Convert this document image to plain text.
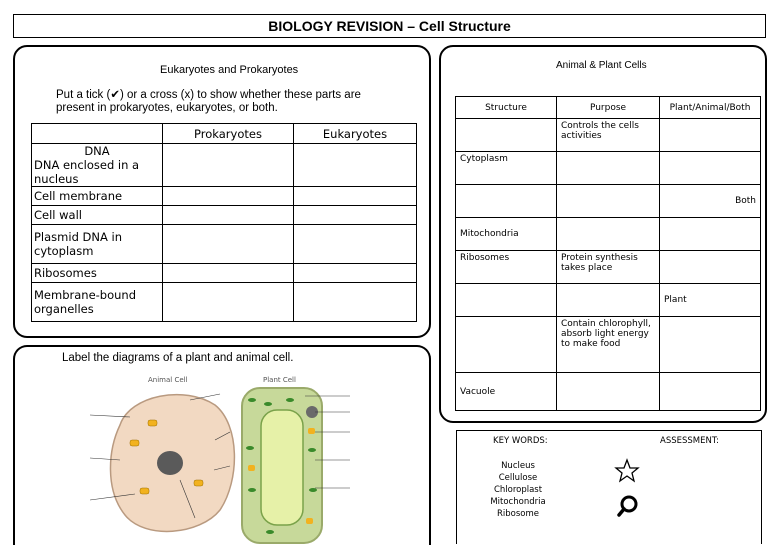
BIOLOGY REVISION – Cell Structure
Eukaryotes and Prokaryotes
Put a tick (✔) or a cross (x) to show whether these parts are present in prokaryotes, eukaryotes, or both.
	Prokaryotes	Eukaryotes

DNA
DNA enclosed in a nucleus		

Cell membrane		
Cell wall		
Plasmid DNA in cytoplasm		
Ribosomes		
Membrane-bound organelles		
Label the diagrams of a plant and animal cell.
Animal Cell	Plant Cell
Animal & Plant Cells
Structure	Purpose	Plant/Animal/Both
	Controls the cells activities	
Cytoplasm		
		Both
Mitochondria		
Ribosomes	Protein synthesis takes place	
		Plant
	Contain chlorophyll, absorb light energy to make food	
Vacuole		
KEY WORDS:	ASSESSMENT:
Nucleus
Cellulose
Chloroplast
Mitochondria
Ribosome
